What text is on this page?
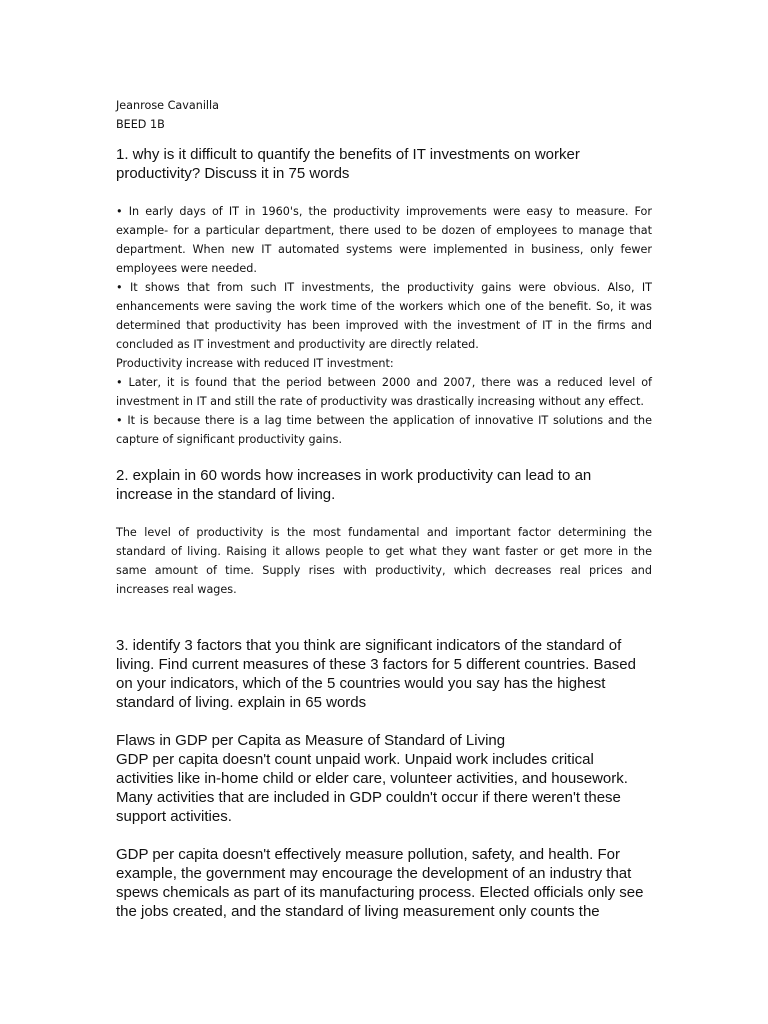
Jeanrose Cavanilla
BEED 1B

1. why is it difficult to quantify the benefits of IT investments on worker productivity? Discuss it in 75 words

• In early days of IT in 1960's, the productivity improvements were easy to measure. For example- for a particular department, there used to be dozen of employees to manage that department. When new IT automated systems were implemented in business, only fewer employees were needed.

• It shows that from such IT investments, the productivity gains were obvious. Also, IT enhancements were saving the work time of the workers which one of the benefit. So, it was determined that productivity has been improved with the investment of IT in the firms and concluded as IT investment and productivity are directly related.

Productivity increase with reduced IT investment:

• Later, it is found that the period between 2000 and 2007, there was a reduced level of investment in IT and still the rate of productivity was drastically increasing without any effect.

• It is because there is a lag time between the application of innovative IT solutions and the capture of significant productivity gains.

2. explain in 60 words how increases in work productivity can lead to an increase in the standard of living.

The level of productivity is the most fundamental and important factor determining the standard of living. Raising it allows people to get what they want faster or get more in the same amount of time. Supply rises with productivity, which decreases real prices and increases real wages.

3. identify 3 factors that you think are significant indicators of the standard of living. Find current measures of these 3 factors for 5 different countries. Based on your indicators, which of the 5 countries would you say has the highest standard of living. explain in 65 words

Flaws in GDP per Capita as Measure of Standard of Living

GDP per capita doesn't count unpaid work. Unpaid work includes critical activities like in-home child or elder care, volunteer activities, and housework. Many activities that are included in GDP couldn't occur if there weren't these support activities.

GDP per capita doesn't effectively measure pollution, safety, and health. For example, the government may encourage the development of an industry that spews chemicals as part of its manufacturing process. Elected officials only see the jobs created, and the standard of living measurement only counts the
